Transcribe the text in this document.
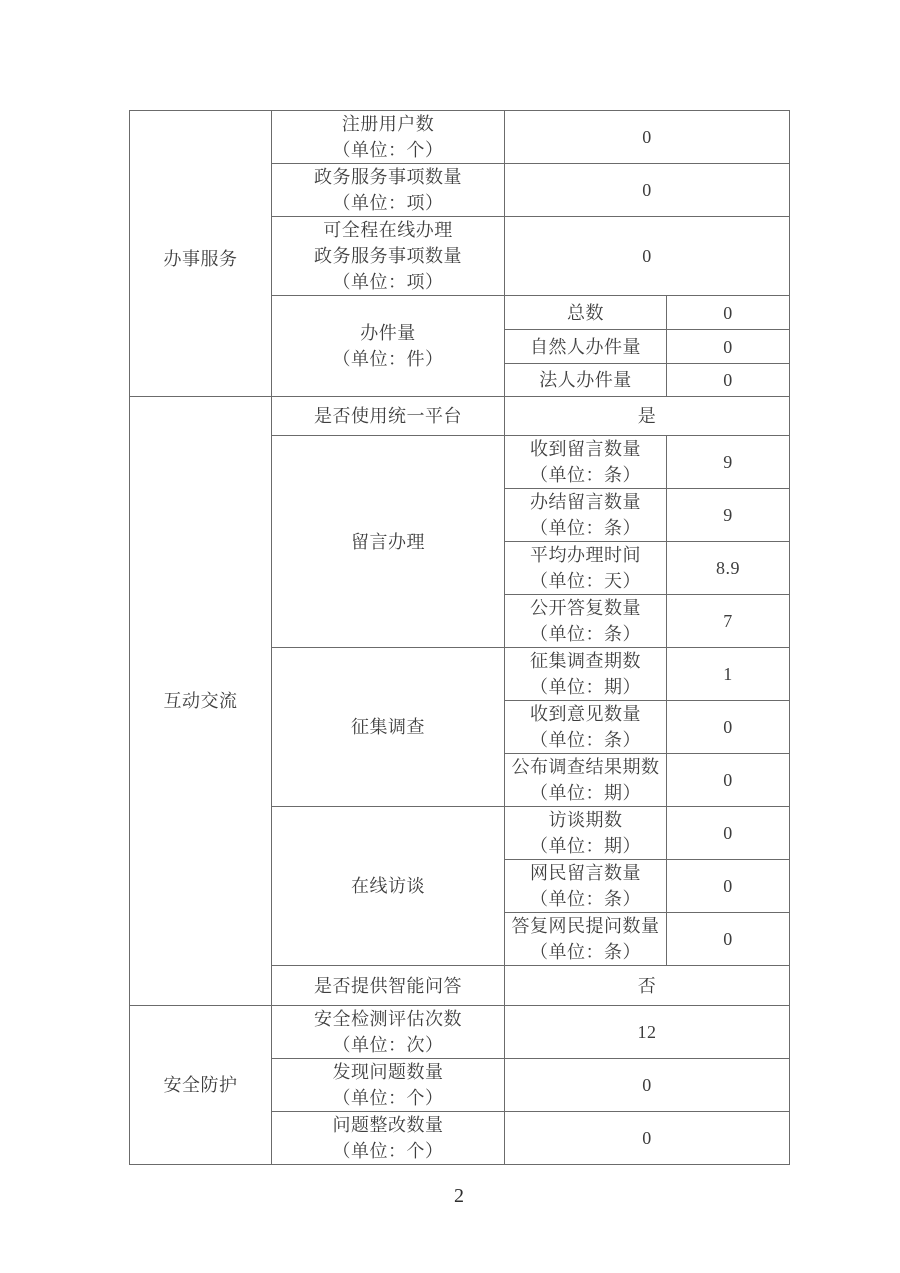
办事服务	注册用户数
（单位：个）	0	

	政务服务事项数量
（单位：项）	0	

	可全程在线办理
政务服务事项数量
（单位：项）	0	

	办件量
（单位：件）	总数	0
		自然人办件量	0
		法人办件量	0

互动交流	是否使用统一平台	是	
	留言办理	收到留言数量
（单位：条）	9

		办结留言数量
（单位：条）	9

		平均办理时间
（单位：天）	8.9

		公开答复数量
（单位：条）	7
	征集调查	征集调查期数
（单位：期）	1

		收到意见数量
（单位：条）	0

		公布调查结果期数
（单位：期）	0
	在线访谈	访谈期数
（单位：期）	0

		网民留言数量
（单位：条）	0

		答复网民提问数量
（单位：条）	0
	是否提供智能问答	否	

安全防护	安全检测评估次数
（单位：次）	12	

	发现问题数量
（单位：个）	0	

	问题整改数量
（单位：个）	0	
2
